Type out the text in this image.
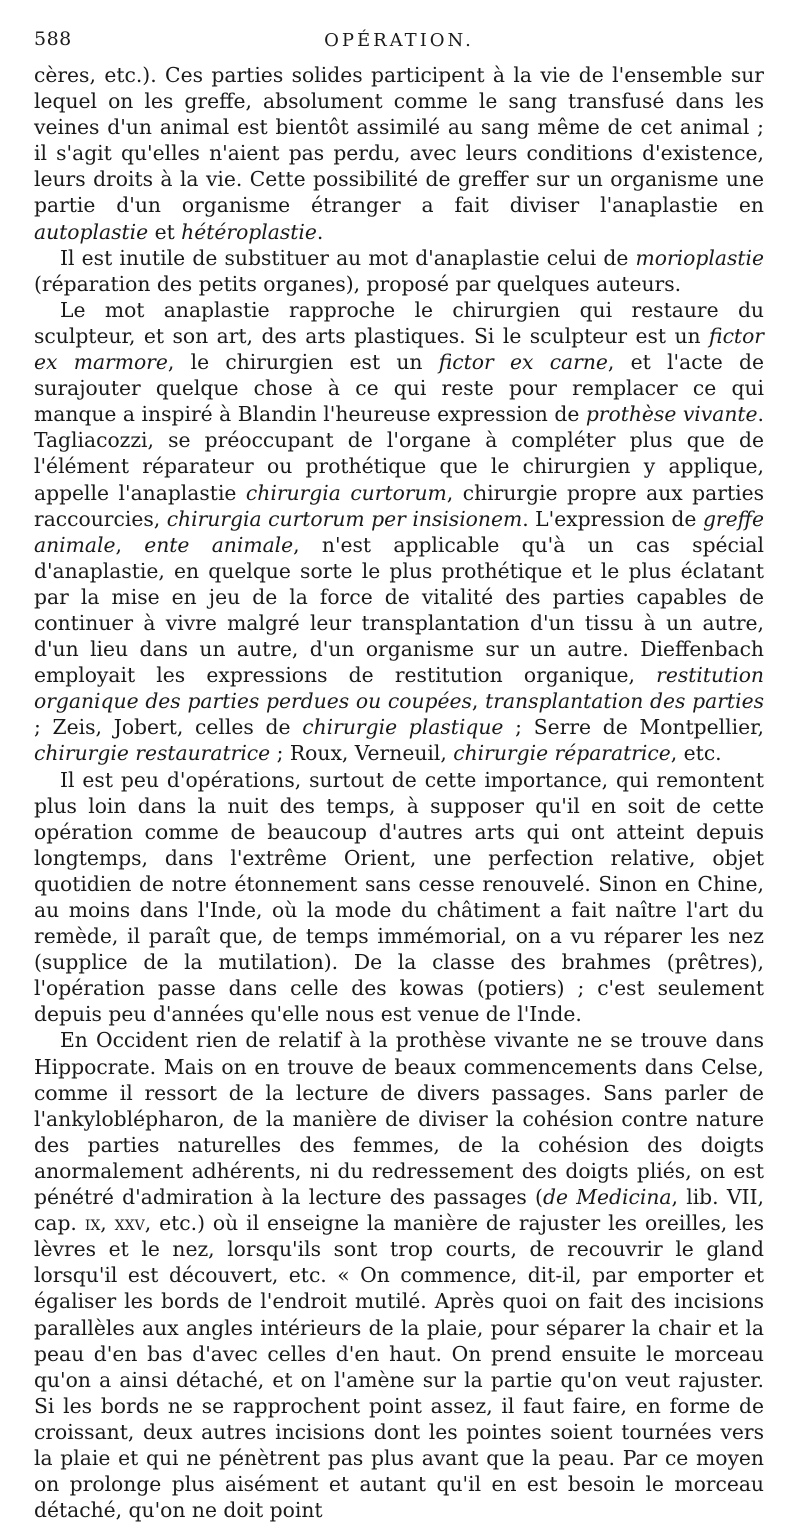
588	OPÉRATION.
cères, etc.). Ces parties solides participent à la vie de l'ensemble sur lequel on les greffe, absolument comme le sang transfusé dans les veines d'un animal est bientôt assimilé au sang même de cet animal ; il s'agit qu'elles n'aient pas perdu, avec leurs conditions d'existence, leurs droits à la vie. Cette possibilité de greffer sur un organisme une partie d'un organisme étranger a fait diviser l'anaplastie en autoplastie et hétéroplastie.
Il est inutile de substituer au mot d'anaplastie celui de morioplastie (réparation des petits organes), proposé par quelques auteurs.
Le mot anaplastie rapproche le chirurgien qui restaure du sculpteur, et son art, des arts plastiques. Si le sculpteur est un fictor ex marmore, le chirurgien est un fictor ex carne, et l'acte de surajouter quelque chose à ce qui reste pour remplacer ce qui manque a inspiré à Blandin l'heureuse expression de prothèse vivante. Tagliacozzi, se préoccupant de l'organe à compléter plus que de l'élément réparateur ou prothétique que le chirurgien y applique, appelle l'anaplastie chirurgia curtorum, chirurgie propre aux parties raccourcies, chirurgia curtorum per insisionem. L'expression de greffe animale, ente animale, n'est applicable qu'à un cas spécial d'anaplastie, en quelque sorte le plus prothétique et le plus éclatant par la mise en jeu de la force de vitalité des parties capables de continuer à vivre malgré leur transplantation d'un tissu à un autre, d'un lieu dans un autre, d'un organisme sur un autre. Dieffenbach employait les expressions de restitution organique, restitution organique des parties perdues ou coupées, transplantation des parties ; Zeis, Jobert, celles de chirurgie plastique ; Serre de Montpellier, chirurgie restauratrice ; Roux, Verneuil, chirurgie réparatrice, etc.
Il est peu d'opérations, surtout de cette importance, qui remontent plus loin dans la nuit des temps, à supposer qu'il en soit de cette opération comme de beaucoup d'autres arts qui ont atteint depuis longtemps, dans l'extrême Orient, une perfection relative, objet quotidien de notre étonnement sans cesse renouvelé. Sinon en Chine, au moins dans l'Inde, où la mode du châtiment a fait naître l'art du remède, il paraît que, de temps immémorial, on a vu réparer les nez (supplice de la mutilation). De la classe des brahmes (prêtres), l'opération passe dans celle des kowas (potiers) ; c'est seulement depuis peu d'années qu'elle nous est venue de l'Inde.
En Occident rien de relatif à la prothèse vivante ne se trouve dans Hippocrate. Mais on en trouve de beaux commencements dans Celse, comme il ressort de la lecture de divers passages. Sans parler de l'ankyloblépharon, de la manière de diviser la cohésion contre nature des parties naturelles des femmes, de la cohésion des doigts anormalement adhérents, ni du redressement des doigts pliés, on est pénétré d'admiration à la lecture des passages (de Medicina, lib. VII, cap. ix, xxv, etc.) où il enseigne la manière de rajuster les oreilles, les lèvres et le nez, lorsqu'ils sont trop courts, de recouvrir le gland lorsqu'il est découvert, etc. « On commence, dit-il, par emporter et égaliser les bords de l'endroit mutilé. Après quoi on fait des incisions parallèles aux angles intérieurs de la plaie, pour séparer la chair et la peau d'en bas d'avec celles d'en haut. On prend ensuite le morceau qu'on a ainsi détaché, et on l'amène sur la partie qu'on veut rajuster. Si les bords ne se rapprochent point assez, il faut faire, en forme de croissant, deux autres incisions dont les pointes soient tournées vers la plaie et qui ne pénètrent pas plus avant que la peau. Par ce moyen on prolonge plus aisément et autant qu'il en est besoin le morceau détaché, qu'on ne doit point
